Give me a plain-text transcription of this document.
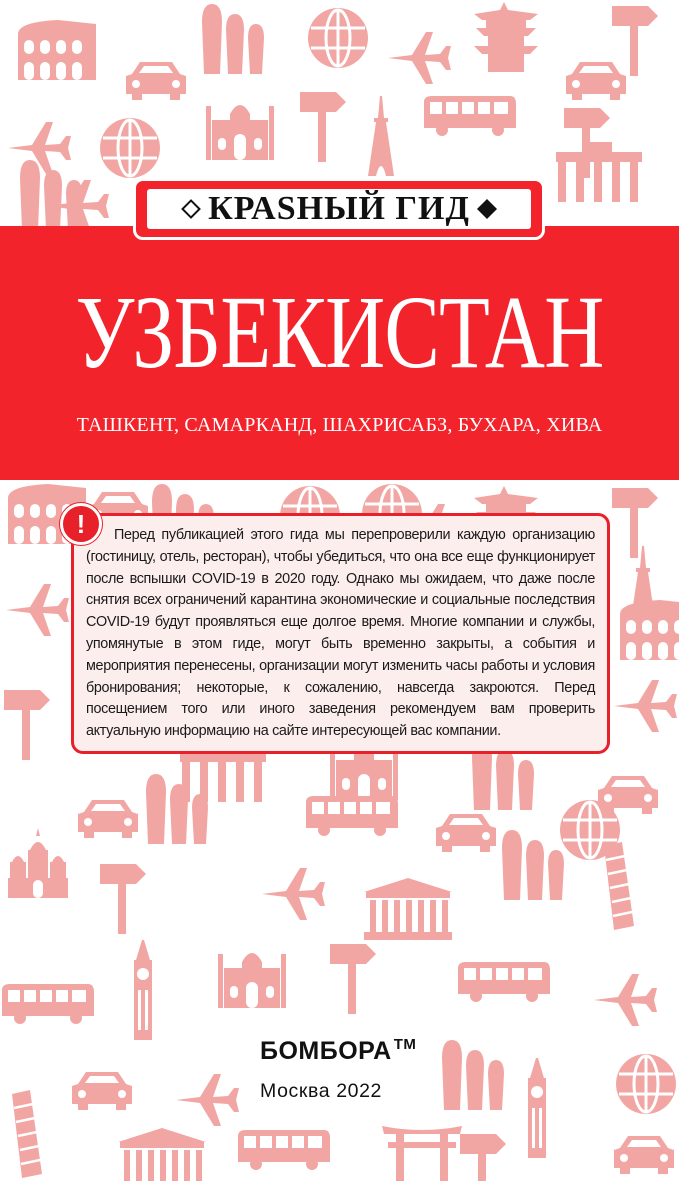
КРАSНЫЙ ГИД
УЗБЕКИСТАН
ТАШКЕНТ, САМАРКАНД, ШАХРИСАБЗ, БУХАРА, ХИВА

Перед публикацией этого гида мы перепроверили каждую организацию (гостиницу, отель, ресторан), чтобы убедиться, что она все еще функционирует после вспышки COVID-19 в 2020 году. Однако мы ожидаем, что даже после снятия всех ограничений карантина экономические и социальные последствия COVID-19 будут проявляться еще долгое время. Многие компании и службы, упомянутые в этом гиде, могут быть временно закрыты, а события и мероприятия перенесены, организации могут изменить часы работы и условия бронирования; некоторые, к сожалению, навсегда закроются. Перед посещением того или иного заведения рекомендуем вам проверить актуальную информацию на сайте интересующей вас компании.

!
БОМБОРА ™
Москва 2022
